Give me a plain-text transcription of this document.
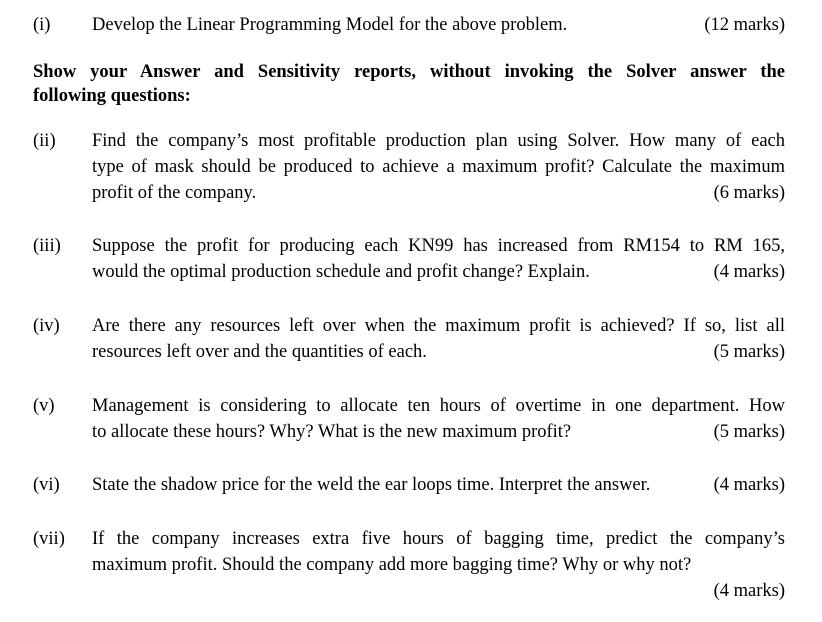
(i) Develop the Linear Programming Model for the above problem.	(12 marks)
Show your Answer and Sensitivity reports, without invoking the Solver answer the
following questions:
(ii) Find the company’s most profitable production plan using Solver. How many of each
type of mask should be produced to achieve a maximum profit? Calculate the maximum
profit of the company.	(6 marks)
(iii) Suppose the profit for producing each KN99 has increased from RM154 to RM 165,
would the optimal production schedule and profit change? Explain.	(4 marks)
(iv) Are there any resources left over when the maximum profit is achieved? If so, list all
resources left over and the quantities of each.	(5 marks)
(v) Management is considering to allocate ten hours of overtime in one department. How
to allocate these hours? Why? What is the new maximum profit?	(5 marks)
(vi) State the shadow price for the weld the ear loops time. Interpret the answer.	(4 marks)
(vii) If the company increases extra five hours of bagging time, predict the company’s
maximum profit. Should the company add more bagging time? Why or why not?
(4 marks)
